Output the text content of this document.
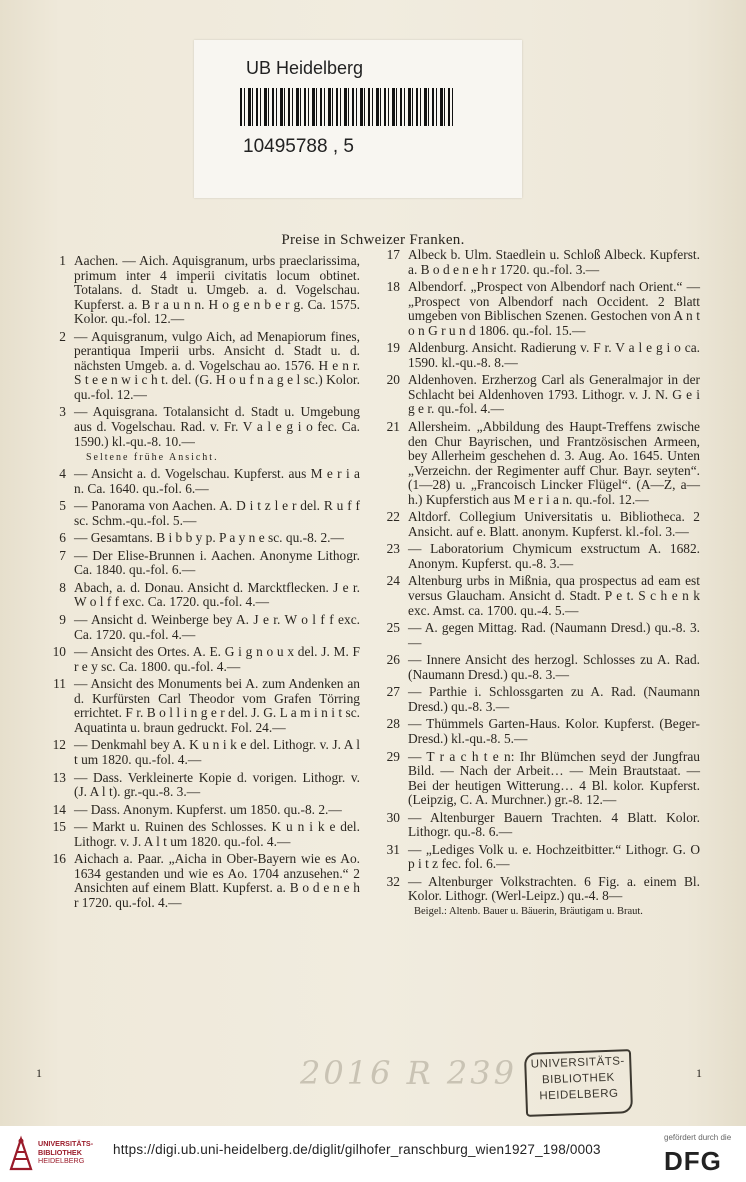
UB Heidelberg
10495788 , 5
Preise in Schweizer Franken.
1 Aachen. — Aich. Aquisgranum, urbs praeclarissima, primum inter 4 imperii civitatis locum obtinet. Totalans. d. Stadt u. Umgeb. a. d. Vogelschau. Kupferst. a. B r a u n n. H o g e n b e r g. Ca. 1575. Kolor. qu.-fol. 12.—
2 — Aquisgranum, vulgo Aich, ad Menapiorum fines, perantiqua Imperii urbs. Ansicht d. Stadt u. d. nächsten Umgeb. a. d. Vogelschau ao. 1576. H e n r. S t e e n w i c h t. del. (G. H o u f n a g e l sc.) Kolor. qu.-fol. 12.—
3 — Aquisgrana. Totalansicht d. Stadt u. Umgebung aus d. Vogelschau. Rad. v. Fr. V a l e g i o fec. Ca. 1590.) kl.-qu.-8. 10.—
Seltene frühe Ansicht.
4 — Ansicht a. d. Vogelschau. Kupferst. aus M e r i a n. Ca. 1640. qu.-fol. 6.—
5 — Panorama von Aachen. A. D i t z l e r del. R u f f sc. Schm.-qu.-fol. 5.—
6 — Gesamtans. B i b b y p. P a y n e sc. qu.-8. 2.—
7 — Der Elise-Brunnen i. Aachen. Anonyme Lithogr. Ca. 1840. qu.-fol. 6.—
8 Abach, a. d. Donau. Ansicht d. Marcktflecken. J e r. W o l f f exc. Ca. 1720. qu.-fol. 4.—
9 — Ansicht d. Weinberge bey A. J e r. W o l f f exc. Ca. 1720. qu.-fol. 4.—
10 — Ansicht des Ortes. A. E. G i g n o u x del. J. M. F r e y sc. Ca. 1800. qu.-fol. 4.—
11 — Ansicht des Monuments bei A. zum Andenken an d. Kurfürsten Carl Theodor vom Grafen Törring errichtet. F r. B o l l i n g e r del. J. G. L a m i n i t sc. Aquatinta u. braun gedruckt. Fol. 24.—
12 — Denkmahl bey A. K u n i k e del. Lithogr. v. J. A l t um 1820. qu.-fol. 4.—
13 — Dass. Verkleinerte Kopie d. vorigen. Lithogr. v. (J. A l t). gr.-qu.-8. 3.—
14 — Dass. Anonym. Kupferst. um 1850. qu.-8. 2.—
15 — Markt u. Ruinen des Schlosses. K u n i k e del. Lithogr. v. J. A l t um 1820. qu.-fol. 4.—
16 Aichach a. Paar. „Aicha in Ober-Bayern wie es Ao. 1634 gestanden und wie es Ao. 1704 anzusehen.“ 2 Ansichten auf einem Blatt. Kupferst. a. B o d e n e h r 1720. qu.-fol. 4.—
17 Albeck b. Ulm. Staedlein u. Schloß Albeck. Kupferst. a. B o d e n e h r 1720. qu.-fol. 3.—
18 Albendorf. „Prospect von Albendorf nach Orient.“ — „Prospect von Albendorf nach Occident. 2 Blatt umgeben von Biblischen Szenen. Gestochen von A n t o n G r u n d 1806. qu.-fol. 15.—
19 Aldenburg. Ansicht. Radierung v. F r. V a l e g i o ca. 1590. kl.-qu.-8. 8.—
20 Aldenhoven. Erzherzog Carl als Generalmajor in der Schlacht bei Aldenhoven 1793. Lithogr. v. J. N. G e i g e r. qu.-fol. 4.—
21 Allersheim. „Abbildung des Haupt-Treffens zwische den Chur Bayrischen, und Frantzösischen Armeen, bey Allerheim geschehen d. 3. Aug. Ao. 1645. Unten „Verzeichn. der Regimenter auff Chur. Bayr. seyten“. (1—28) u. „Francoisch Lincker Flügel“. (A—Z, a—h.) Kupferstich aus M e r i a n. qu.-fol. 12.—
22 Altdorf. Collegium Universitatis u. Bibliotheca. 2 Ansicht. auf e. Blatt. anonym. Kupferst. kl.-fol. 3.—
23 — Laboratorium Chymicum exstructum A. 1682. Anonym. Kupferst. qu.-8. 3.—
24 Altenburg urbs in Mißnia, qua prospectus ad eam est versus Glaucham. Ansicht d. Stadt. P e t. S c h e n k exc. Amst. ca. 1700. qu.-4. 5.—
25 — A. gegen Mittag. Rad. (Naumann Dresd.) qu.-8. 3.—
26 — Innere Ansicht des herzogl. Schlosses zu A. Rad. (Naumann Dresd.) qu.-8. 3.—
27 — Parthie i. Schlossgarten zu A. Rad. (Naumann Dresd.) qu.-8. 3.—
28 — Thümmels Garten-Haus. Kolor. Kupferst. (Beger-Dresd.) kl.-qu.-8. 5.—
29 — T r a c h t e n: Ihr Blümchen seyd der Jungfrau Bild. — Nach der Arbeit… — Mein Brautstaat. — Bei der heutigen Witterung… 4 Bl. kolor. Kupferst. (Leipzig, C. A. Murchner.) gr.-8. 12.—
30 — Altenburger Bauern Trachten. 4 Blatt. Kolor. Lithogr. qu.-8. 6.—
31 — „Lediges Volk u. e. Hochzeitbitter.“ Lithogr. G. O p i t z fec. fol. 6.—
32 — Altenburger Volkstrachten. 6 Fig. a. einem Bl. Kolor. Lithogr. (Werl-Leipz.) qu.-4. 8—
Beigel.: Altenb. Bauer u. Bäuerin, Bräutigam u. Braut.
1	1
2016 R 239	UNIVERSITÄTS-
BIBLIOTHEK
HEIDELBERG
UNIVERSITÄTS-
BIBLIOTHEK
HEIDELBERG
https://digi.ub.uni-heidelberg.de/diglit/gilhofer_ranschburg_wien1927_198/0003
gefördert durch die
DFG
